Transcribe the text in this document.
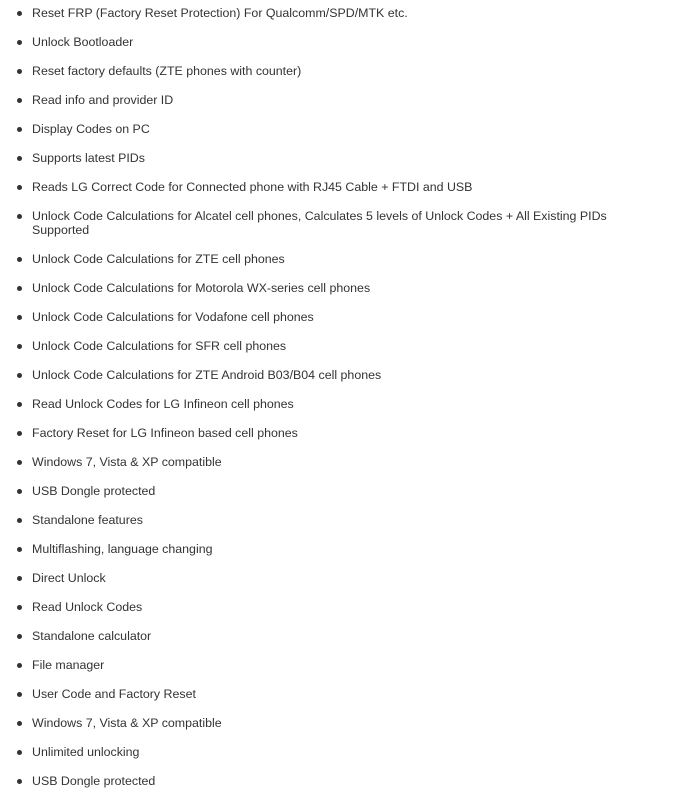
Reset FRP (Factory Reset Protection) For Qualcomm/SPD/MTK etc.
Unlock Bootloader
Reset factory defaults (ZTE phones with counter)
Read info and provider ID
Display Codes on PC
Supports latest PIDs
Reads LG Correct Code for Connected phone with RJ45 Cable + FTDI and USB
Unlock Code Calculations for Alcatel cell phones, Calculates 5 levels of Unlock Codes + All Existing PIDs Supported
Unlock Code Calculations for ZTE cell phones
Unlock Code Calculations for Motorola WX-series cell phones
Unlock Code Calculations for Vodafone cell phones
Unlock Code Calculations for SFR cell phones
Unlock Code Calculations for ZTE Android B03/B04 cell phones
Read Unlock Codes for LG Infineon cell phones
Factory Reset for LG Infineon based cell phones
Windows 7, Vista & XP compatible
USB Dongle protected
Standalone features
Multiflashing, language changing
Direct Unlock
Read Unlock Codes
Standalone calculator
File manager
User Code and Factory Reset
Windows 7, Vista & XP compatible
Unlimited unlocking
USB Dongle protected
